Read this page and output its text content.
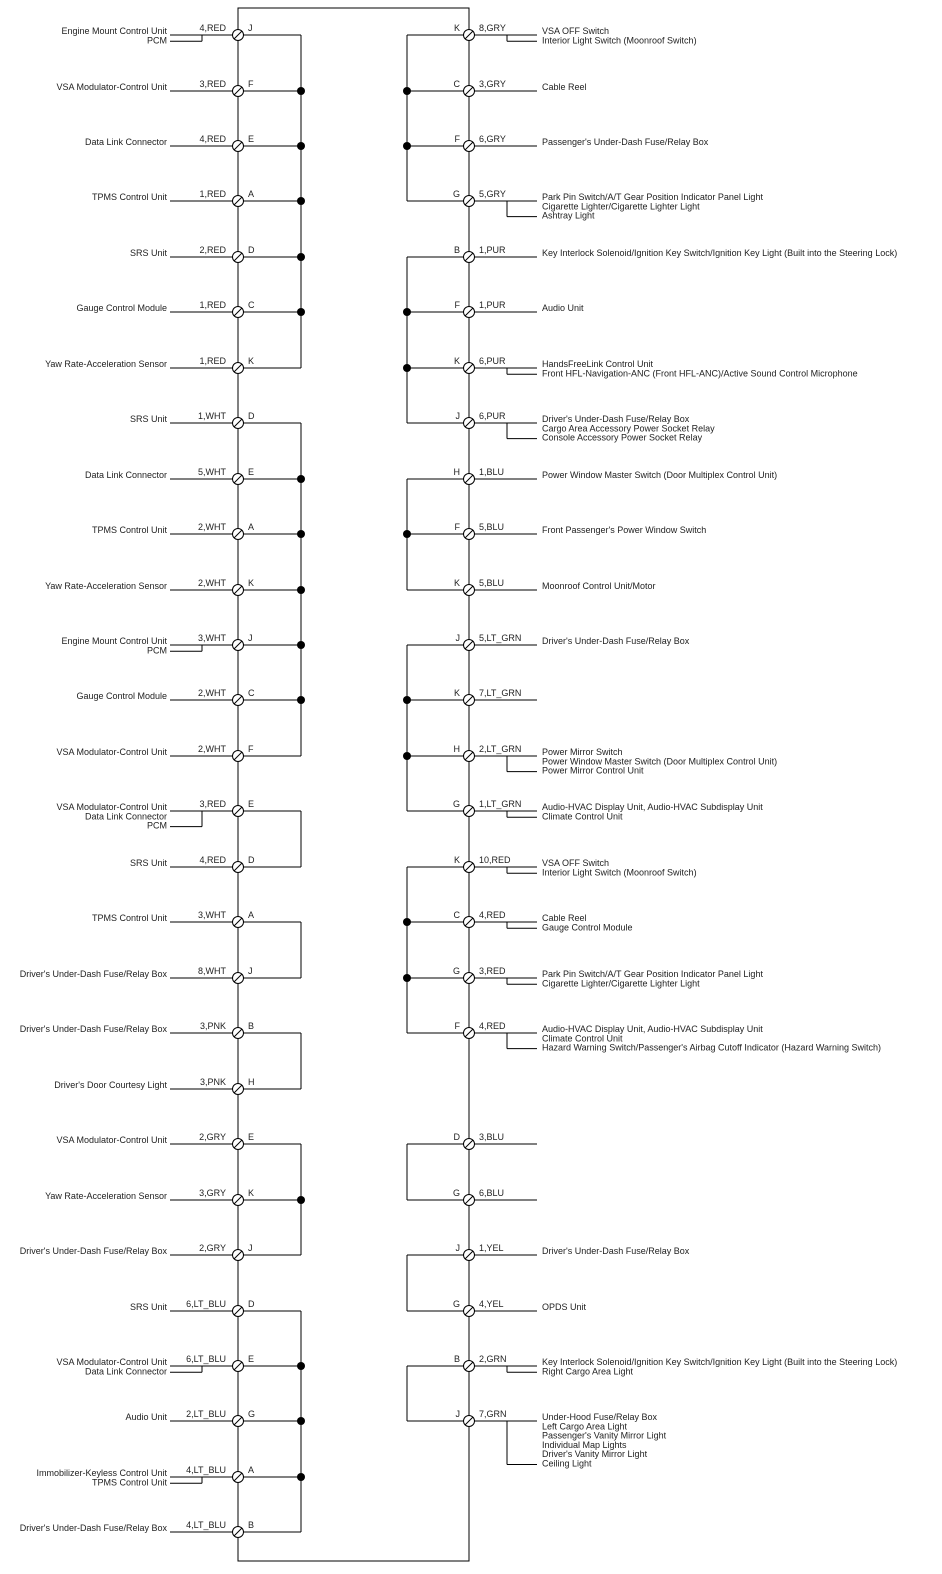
4,RED J
Engine Mount Control Unit
PCM
3,RED F
VSA Modulator-Control Unit
4,RED E
Data Link Connector
1,RED A
TPMS Control Unit
2,RED D
SRS Unit
1,RED C
Gauge Control Module
1,RED K
Yaw Rate-Acceleration Sensor
1,WHT D
SRS Unit
5,WHT E
Data Link Connector
2,WHT A
TPMS Control Unit
2,WHT K
Yaw Rate-Acceleration Sensor
3,WHT J
Engine Mount Control Unit
PCM
2,WHT C
Gauge Control Module
2,WHT F
VSA Modulator-Control Unit
3,RED E
VSA Modulator-Control Unit
Data Link Connector
PCM
4,RED D
SRS Unit
3,WHT A
TPMS Control Unit
8,WHT J
Driver's Under-Dash Fuse/Relay Box
3,PNK B
Driver's Under-Dash Fuse/Relay Box
3,PNK H
Driver's Door Courtesy Light
2,GRY E
VSA Modulator-Control Unit
3,GRY K
Yaw Rate-Acceleration Sensor
2,GRY J
Driver's Under-Dash Fuse/Relay Box
6,LT_BLU D
SRS Unit
6,LT_BLU E
VSA Modulator-Control Unit
Data Link Connector
2,LT_BLU G
Audio Unit
4,LT_BLU A
Immobilizer-Keyless Control Unit
TPMS Control Unit
4,LT_BLU B
Driver's Under-Dash Fuse/Relay Box
8,GRY
K	VSA OFF Switch
Interior Light Switch (Moonroof Switch)
3,GRY
C	Cable Reel
6,GRY
F	Passenger's Under-Dash Fuse/Relay Box
5,GRY
G	Park Pin Switch/A/T Gear Position Indicator Panel Light
Cigarette Lighter/Cigarette Lighter Light
Ashtray Light
1,PUR
B	Key Interlock Solenoid/Ignition Key Switch/Ignition Key Light (Built into the Steering Lock)
1,PUR
F	Audio Unit
6,PUR
K	HandsFreeLink Control Unit
Front HFL-Navigation-ANC (Front HFL-ANC)/Active Sound Control Microphone
6,PUR
J	Driver's Under-Dash Fuse/Relay Box
Cargo Area Accessory Power Socket Relay
Console Accessory Power Socket Relay
1,BLU
H	Power Window Master Switch (Door Multiplex Control Unit)
5,BLU
F	Front Passenger's Power Window Switch
5,BLU
K	Moonroof Control Unit/Motor
5,LT_GRN
J	Driver's Under-Dash Fuse/Relay Box
7,LT_GRN
K
2,LT_GRN
H	Power Mirror Switch
Power Window Master Switch (Door Multiplex Control Unit)
Power Mirror Control Unit
1,LT_GRN
G	Audio-HVAC Display Unit, Audio-HVAC Subdisplay Unit
Climate Control Unit
10,RED
K	VSA OFF Switch
Interior Light Switch (Moonroof Switch)
4,RED
C	Cable Reel
Gauge Control Module
3,RED
G	Park Pin Switch/A/T Gear Position Indicator Panel Light
Cigarette Lighter/Cigarette Lighter Light
4,RED
F	Audio-HVAC Display Unit, Audio-HVAC Subdisplay Unit
Climate Control Unit
Hazard Warning Switch/Passenger's Airbag Cutoff Indicator (Hazard Warning Switch)
3,BLU
D
6,BLU
G
1,YEL
J	Driver's Under-Dash Fuse/Relay Box
4,YEL
G	OPDS Unit
2,GRN
B	Key Interlock Solenoid/Ignition Key Switch/Ignition Key Light (Built into the Steering Lock)
Right Cargo Area Light
7,GRN
J	Under-Hood Fuse/Relay Box
Left Cargo Area Light
Passenger's Vanity Mirror Light
Individual Map Lights
Driver's Vanity Mirror Light
Ceiling Light
